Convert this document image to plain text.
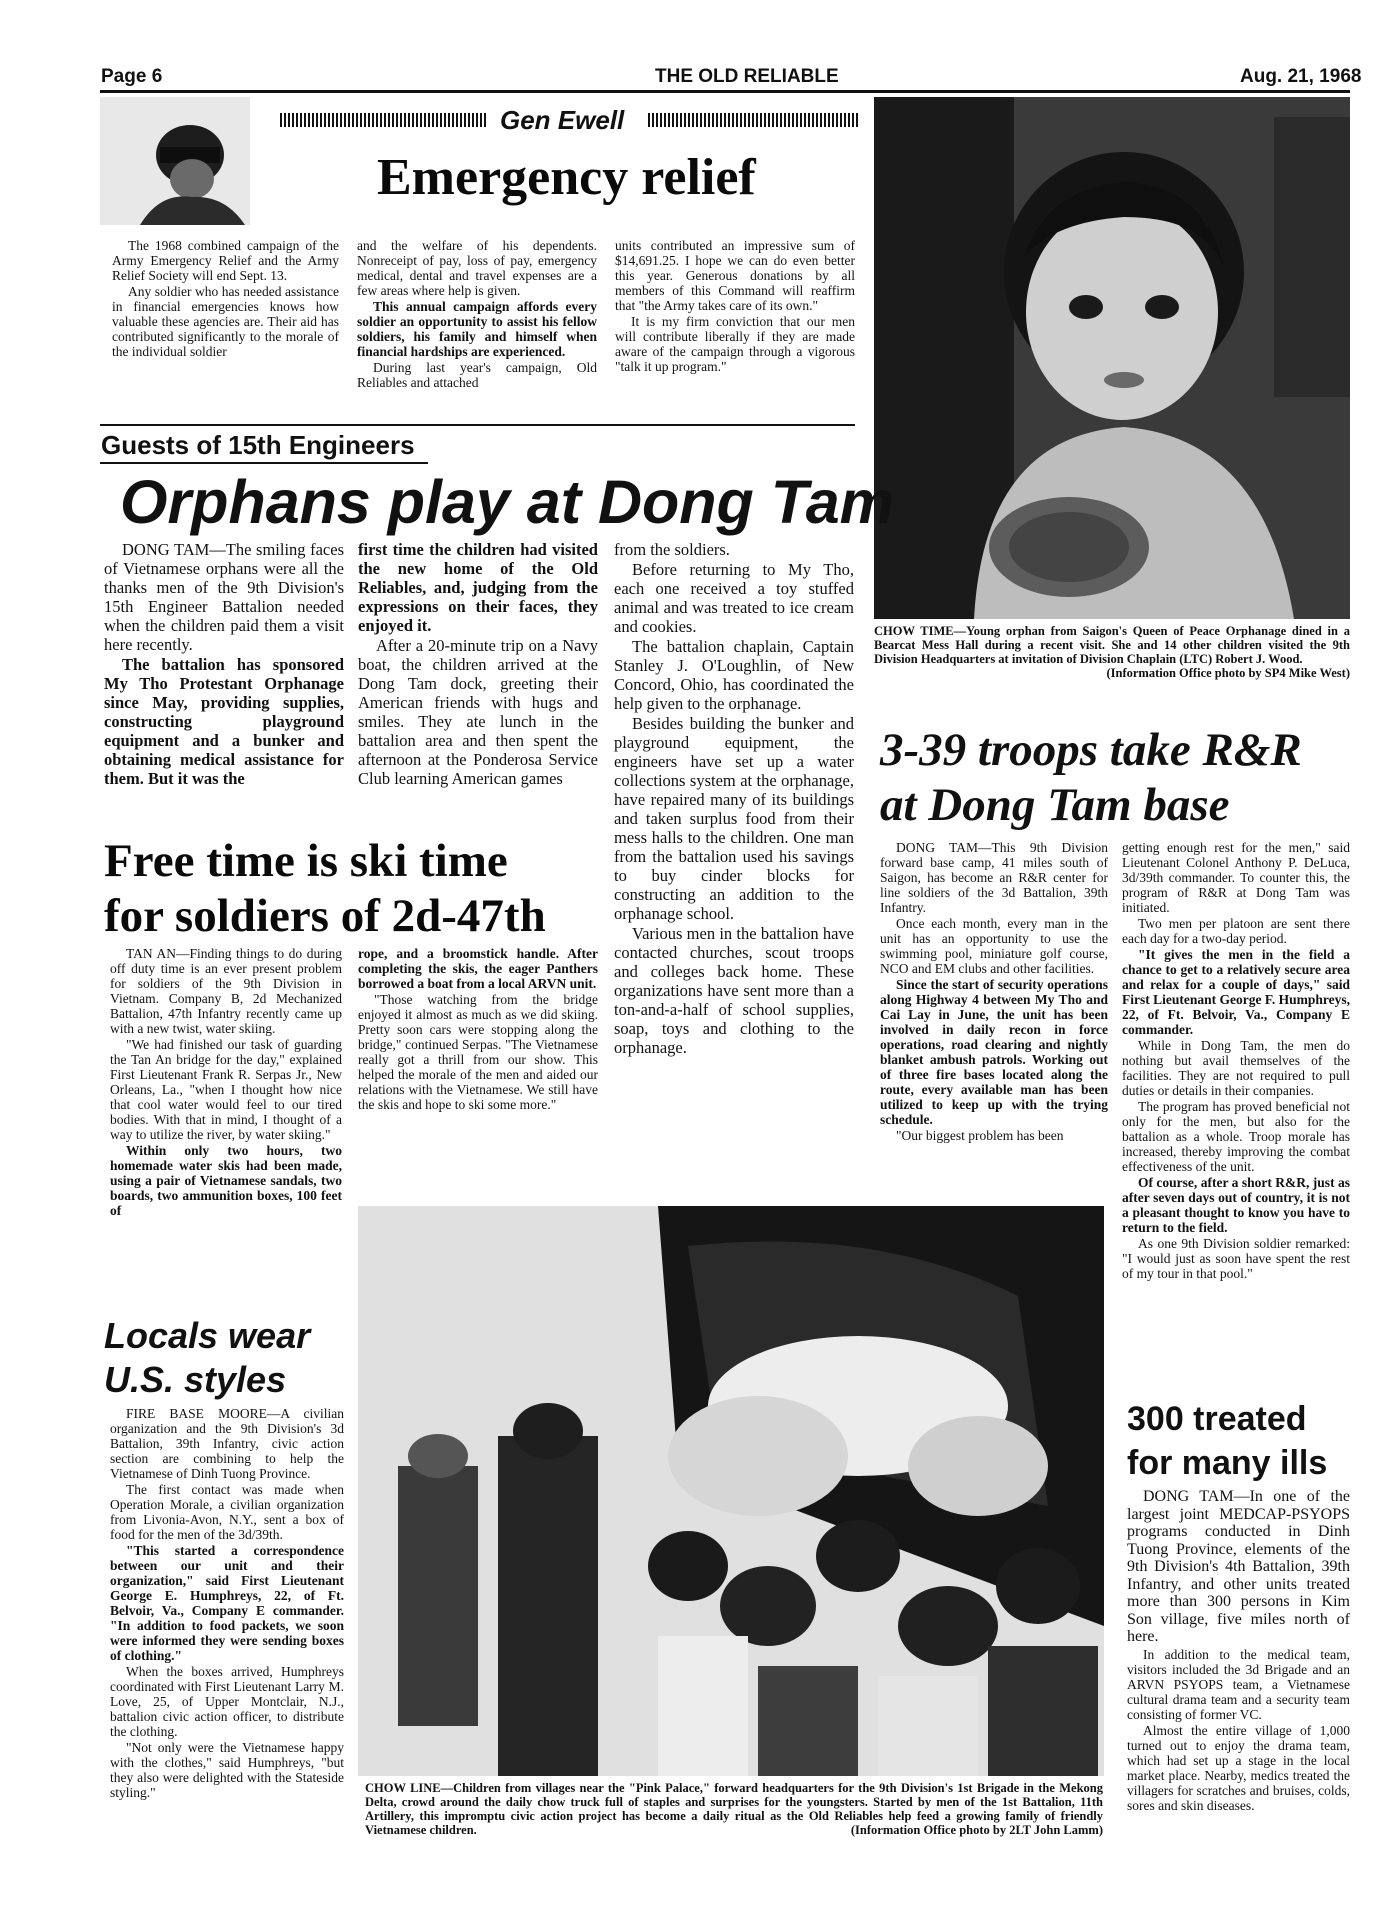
Page 6	THE OLD RELIABLE	Aug. 21, 1968
Gen Ewell
Emergency relief

The 1968 combined campaign of the Army Emergency Relief and the Army Relief Society will end Sept. 13.

Any soldier who has needed assistance in financial emergencies knows how valuable these agencies are. Their aid has contributed significantly to the morale of the individual soldier

and the welfare of his dependents. Nonreceipt of pay, loss of pay, emergency medical, dental and travel expenses are a few areas where help is given.

This annual campaign affords every soldier an opportunity to assist his fellow soldiers, his family and himself when financial hardships are experienced.

During last year's campaign, Old Reliables and attached

units contributed an impressive sum of $14,691.25. I hope we can do even better this year. Generous donations by all members of this Command will reaffirm that "the Army takes care of its own."

It is my firm conviction that our men will contribute liberally if they are made aware of the campaign through a vigorous "talk it up program."

CHOW TIME—Young orphan from Saigon's Queen of Peace Orphanage dined in a Bearcat Mess Hall during a recent visit. She and 14 other children visited the 9th Division Headquarters at invitation of Division Chaplain (LTC) Robert J. Wood.
(Information Office photo by SP4 Mike West)
Guests of 15th Engineers
Orphans play at Dong Tam

DONG TAM—The smiling faces of Vietnamese orphans were all the thanks men of the 9th Division's 15th Engineer Battalion needed when the children paid them a visit here recently.

The battalion has sponsored My Tho Protestant Orphanage since May, providing supplies, constructing playground equipment and a bunker and obtaining medical assistance for them. But it was the

first time the children had visited the new home of the Old Reliables, and, judging from the expressions on their faces, they enjoyed it.

After a 20-minute trip on a Navy boat, the children arrived at the Dong Tam dock, greeting their American friends with hugs and smiles. They ate lunch in the battalion area and then spent the afternoon at the Ponderosa Service Club learning American games

from the soldiers.

Before returning to My Tho, each one received a toy stuffed animal and was treated to ice cream and cookies.

The battalion chaplain, Captain Stanley J. O'Loughlin, of New Concord, Ohio, has coordinated the help given to the orphanage.

Besides building the bunker and playground equipment, the engineers have set up a water collections system at the orphanage, have repaired many of its buildings and taken surplus food from their mess halls to the children. One man from the battalion used his savings to buy cinder blocks for constructing an addition to the orphanage school.

Various men in the battalion have contacted churches, scout troops and colleges back home. These organizations have sent more than a ton-and-a-half of school supplies, soap, toys and clothing to the orphanage.

3-39 troops take R&R
at Dong Tam base

DONG TAM—This 9th Division forward base camp, 41 miles south of Saigon, has become an R&R center for line soldiers of the 3d Battalion, 39th Infantry.

Once each month, every man in the unit has an opportunity to use the swimming pool, miniature golf course, NCO and EM clubs and other facilities.

Since the start of security operations along Highway 4 between My Tho and Cai Lay in June, the unit has been involved in daily recon in force operations, road clearing and nightly blanket ambush patrols. Working out of three fire bases located along the route, every available man has been utilized to keep up with the trying schedule.

"Our biggest problem has been

getting enough rest for the men," said Lieutenant Colonel Anthony P. DeLuca, 3d/39th commander. To counter this, the program of R&R at Dong Tam was initiated.

Two men per platoon are sent there each day for a two-day period.

"It gives the men in the field a chance to get to a relatively secure area and relax for a couple of days," said First Lieutenant George F. Humphreys, 22, of Ft. Belvoir, Va., Company E commander.

While in Dong Tam, the men do nothing but avail themselves of the facilities. They are not required to pull duties or details in their companies.

The program has proved beneficial not only for the men, but also for the battalion as a whole. Troop morale has increased, thereby improving the combat effectiveness of the unit.

Of course, after a short R&R, just as after seven days out of country, it is not a pleasant thought to know you have to return to the field.

As one 9th Division soldier remarked: "I would just as soon have spent the rest of my tour in that pool."

Free time is ski time
for soldiers of 2d-47th

TAN AN—Finding things to do during off duty time is an ever present problem for soldiers of the 9th Division in Vietnam. Company B, 2d Mechanized Battalion, 47th Infantry recently came up with a new twist, water skiing.

"We had finished our task of guarding the Tan An bridge for the day," explained First Lieutenant Frank R. Serpas Jr., New Orleans, La., "when I thought how nice that cool water would feel to our tired bodies. With that in mind, I thought of a way to utilize the river, by water skiing."

Within only two hours, two homemade water skis had been made, using a pair of Vietnamese sandals, two boards, two ammunition boxes, 100 feet of

rope, and a broomstick handle. After completing the skis, the eager Panthers borrowed a boat from a local ARVN unit.

"Those watching from the bridge enjoyed it almost as much as we did skiing. Pretty soon cars were stopping along the bridge," continued Serpas. "The Vietnamese really got a thrill from our show. This helped the morale of the men and aided our relations with the Vietnamese. We still have the skis and hope to ski some more."

Locals wear
U.S. styles

FIRE BASE MOORE—A civilian organization and the 9th Division's 3d Battalion, 39th Infantry, civic action section are combining to help the Vietnamese of Dinh Tuong Province.

The first contact was made when Operation Morale, a civilian organization from Livonia-Avon, N.Y., sent a box of food for the men of the 3d/39th.

"This started a correspondence between our unit and their organization," said First Lieutenant George E. Humphreys, 22, of Ft. Belvoir, Va., Company E commander. "In addition to food packets, we soon were informed they were sending boxes of clothing."

When the boxes arrived, Humphreys coordinated with First Lieutenant Larry M. Love, 25, of Upper Montclair, N.J., battalion civic action officer, to distribute the clothing.

"Not only were the Vietnamese happy with the clothes," said Humphreys, "but they also were delighted with the Stateside styling."	CHOW LINE—Children from villages near the "Pink Palace," forward headquarters for the 9th Division's 1st Brigade in the Mekong Delta, crowd around the daily chow truck full of staples and surprises for the youngsters. Started by men of the 1st Battalion, 11th Artillery, this impromptu civic action project has become a daily ritual as the Old Reliables help feed a growing family of friendly Vietnamese children.	(Information Office photo by 2LT John Lamm)
300 treated
for many ills

DONG TAM—In one of the largest joint MEDCAP-PSYOPS programs conducted in Dinh Tuong Province, elements of the 9th Division's 4th Battalion, 39th Infantry, and other units treated more than 300 persons in Kim Son village, five miles north of here.

In addition to the medical team, visitors included the 3d Brigade and an ARVN PSYOPS team, a Vietnamese cultural drama team and a security team consisting of former VC.

Almost the entire village of 1,000 turned out to enjoy the drama team, which had set up a stage in the local market place. Nearby, medics treated the villagers for scratches and bruises, colds, sores and skin diseases.
